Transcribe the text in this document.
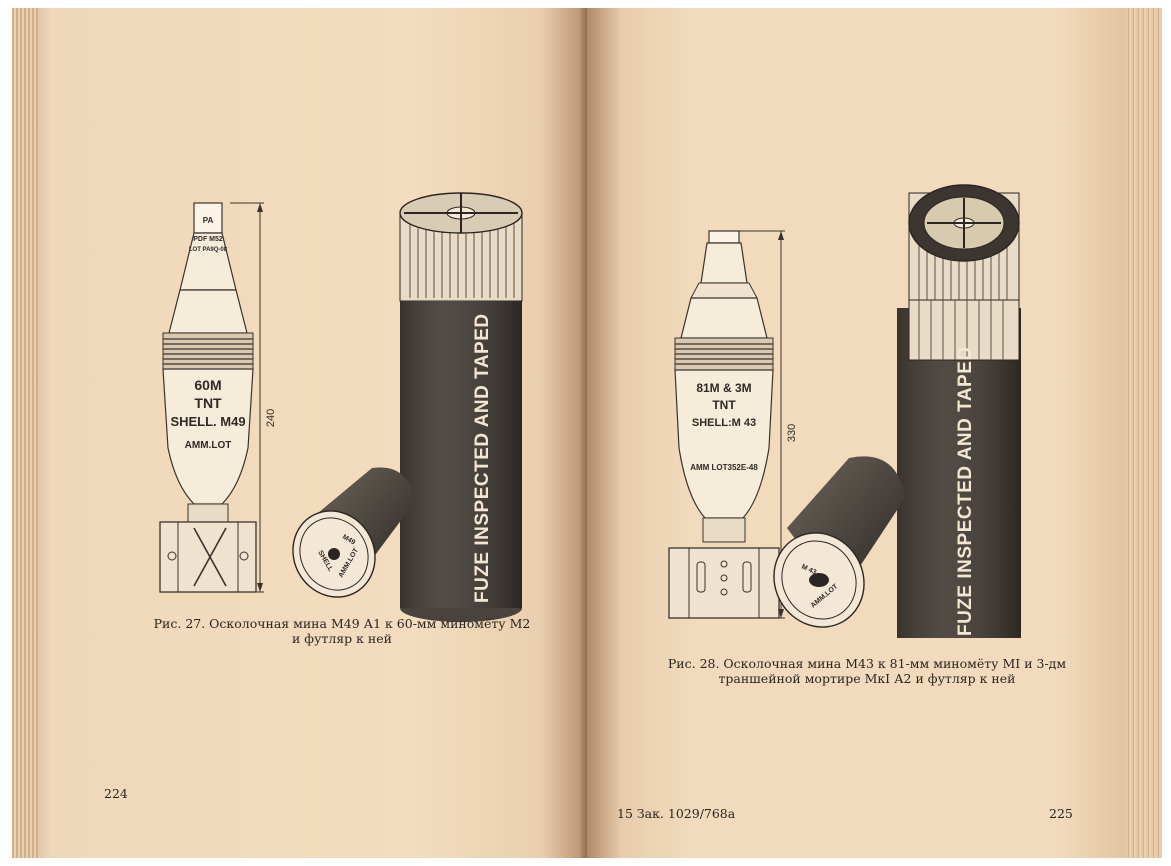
PA
PDF M52
LOT PA9Q-08
60M
TNT
SHELL. M49
AMM.LOT
240	FUZE INSPECTED AND TAPED
SHELL
M49
AMM.LOT
Рис. 27. Осколочная мина М49 А1 к 60-мм миномёту М2
и футляр к ней
224
81M & 3M
TNT
SHELL:M 43
AMM LOT352E-48
330	FUZE INSPECTED AND TAPED
M 43
AMM.LOT
Рис. 28. Осколочная мина М43 к 81-мм миномёту МI и 3-дм
траншейной мортире МкI А2 и футляр к ней
15 Зак. 1029/768а	225
